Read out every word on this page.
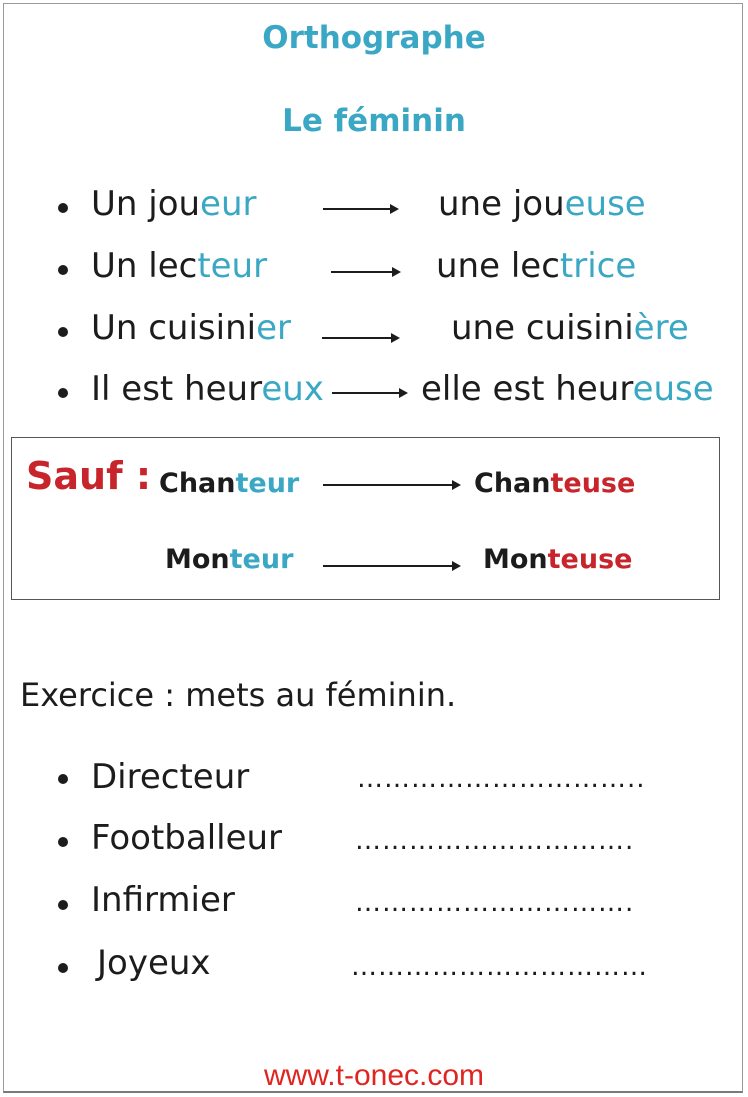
Orthographe
Le féminin
Un joueur	une joueuse
Un lecteur	une lectrice
Un cuisinier	une cuisinière
Il est heureux	elle est heureuse
Sauf : Chanteur	Chanteuse
Monteur	Monteuse
Exercice : mets au féminin.
Directeur	…………………………..
Footballeur	………………………….
Infirmier	………………………….
Joyeux	……………………………
www.t-onec.com
